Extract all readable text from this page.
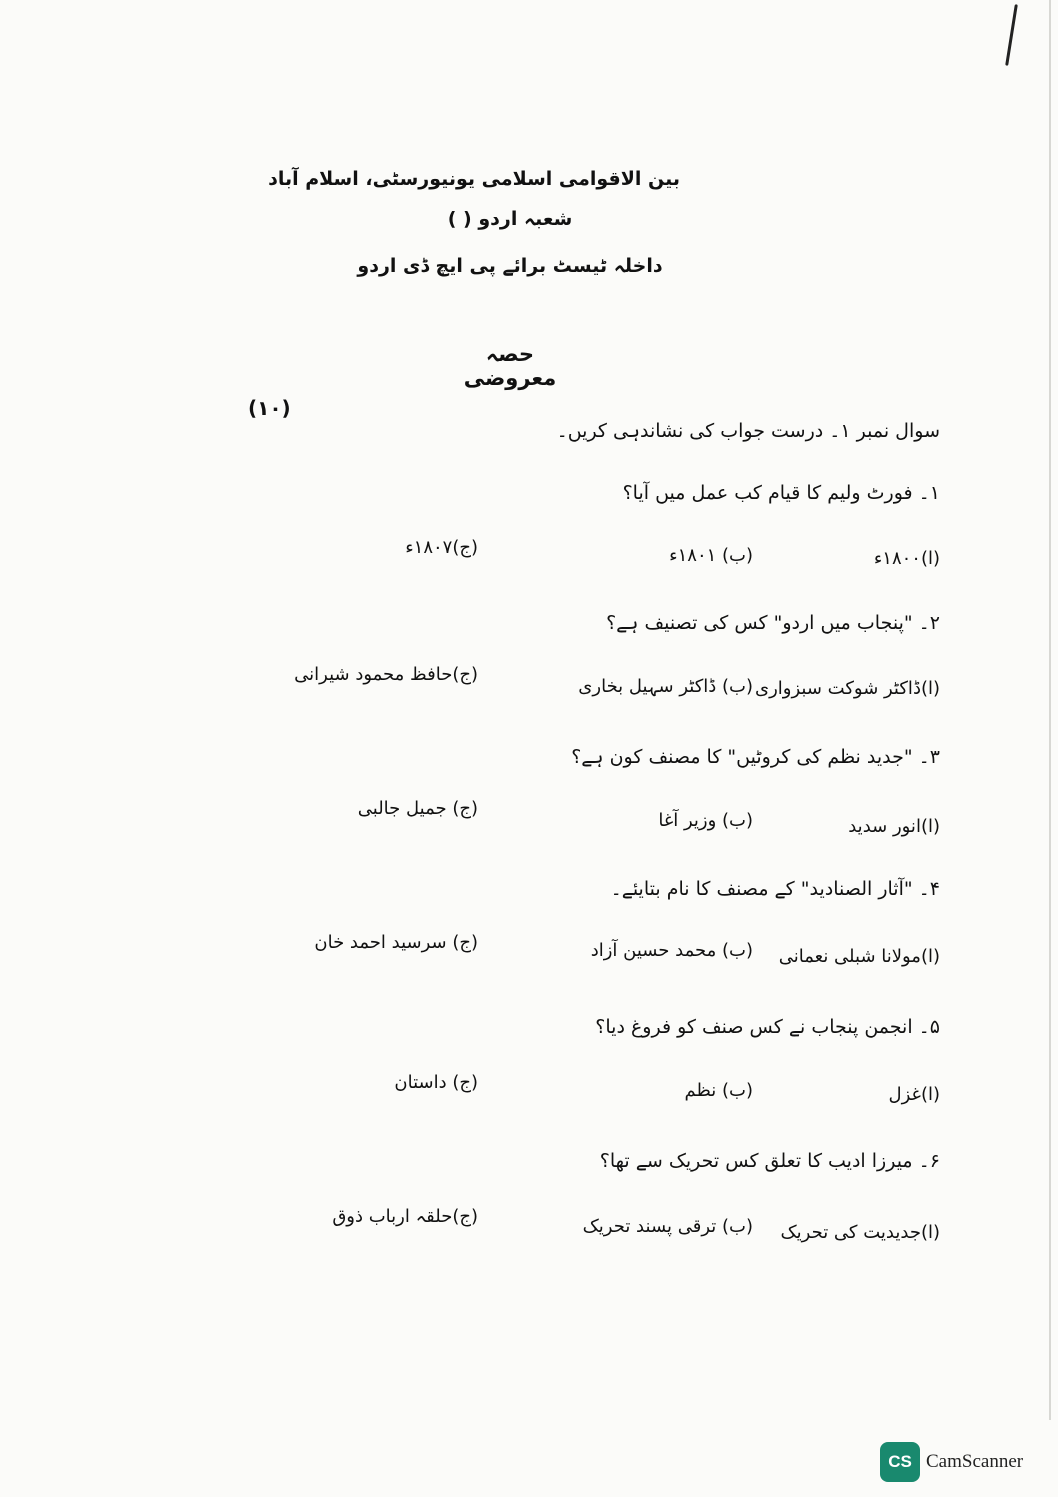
بین الاقوامی اسلامی یونیورسٹی، اسلام آباد
شعبہ اردو ( )
داخلہ ٹیسٹ برائے پی ایچ ڈی اردو
حصہ معروضی
(۱۰)
سوال نمبر ۱۔ درست جواب کی نشاندہی کریں۔
۱۔ فورٹ ولیم کا قیام کب عمل میں آیا؟
(ا)۱۸۰۰ء
(ب) ۱۸۰۱ء
(ج)۱۸۰۷ء
۲۔ "پنجاب میں اردو" کس کی تصنیف ہے؟
(ا)ڈاکٹر شوکت سبزواری
(ب) ڈاکٹر سہیل بخاری
(ج)حافظ محمود شیرانی
۳۔ "جدید نظم کی کروٹیں" کا مصنف کون ہے؟
(ا)انور سدید
(ب) وزیر آغا
(ج) جمیل جالبی
۴۔ "آثار الصنادید" کے مصنف کا نام بتایئے۔
(ا)مولانا شبلی نعمانی
(ب) محمد حسین آزاد
(ج) سرسید احمد خان
۵۔ انجمن پنجاب نے کس صنف کو فروغ دیا؟
(ا)غزل
(ب) نظم
(ج) داستان
۶۔ میرزا ادیب کا تعلق کس تحریک سے تھا؟
(ا)جدیدیت کی تحریک
(ب) ترقی پسند تحریک
(ج)حلقہ ارباب ذوق
CS CamScanner
